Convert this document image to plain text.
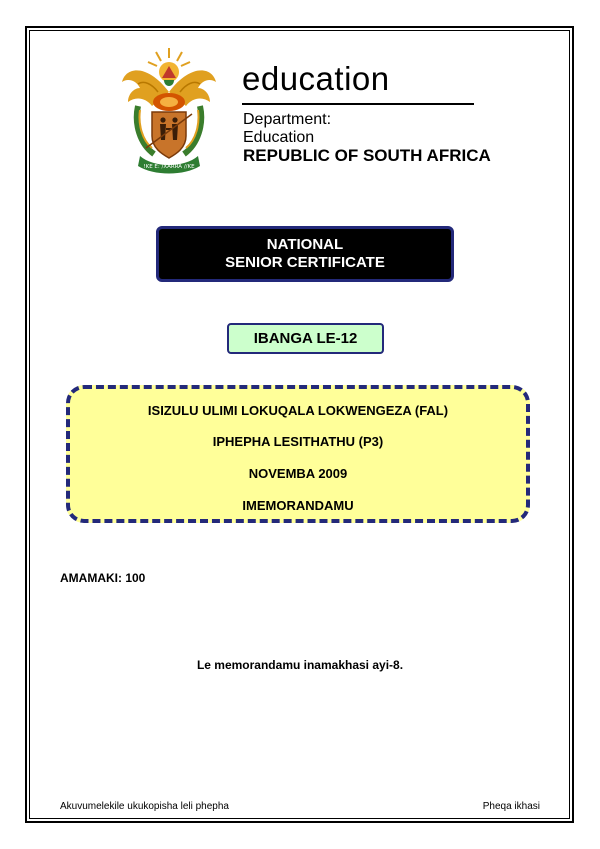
!KE E: /XARRA //KE
education
Department:
Education
REPUBLIC OF SOUTH AFRICA
NATIONAL
SENIOR CERTIFICATE
IBANGA LE-12
ISIZULU ULIMI LOKUQALA LOKWENGEZA (FAL)
IPHEPHA LESITHATHU (P3)
NOVEMBA 2009
IMEMORANDAMU
AMAMAKI: 100
Le memorandamu inamakhasi ayi-8.
Akuvumelekile ukukopisha leli phepha	Pheqa ikhasi
